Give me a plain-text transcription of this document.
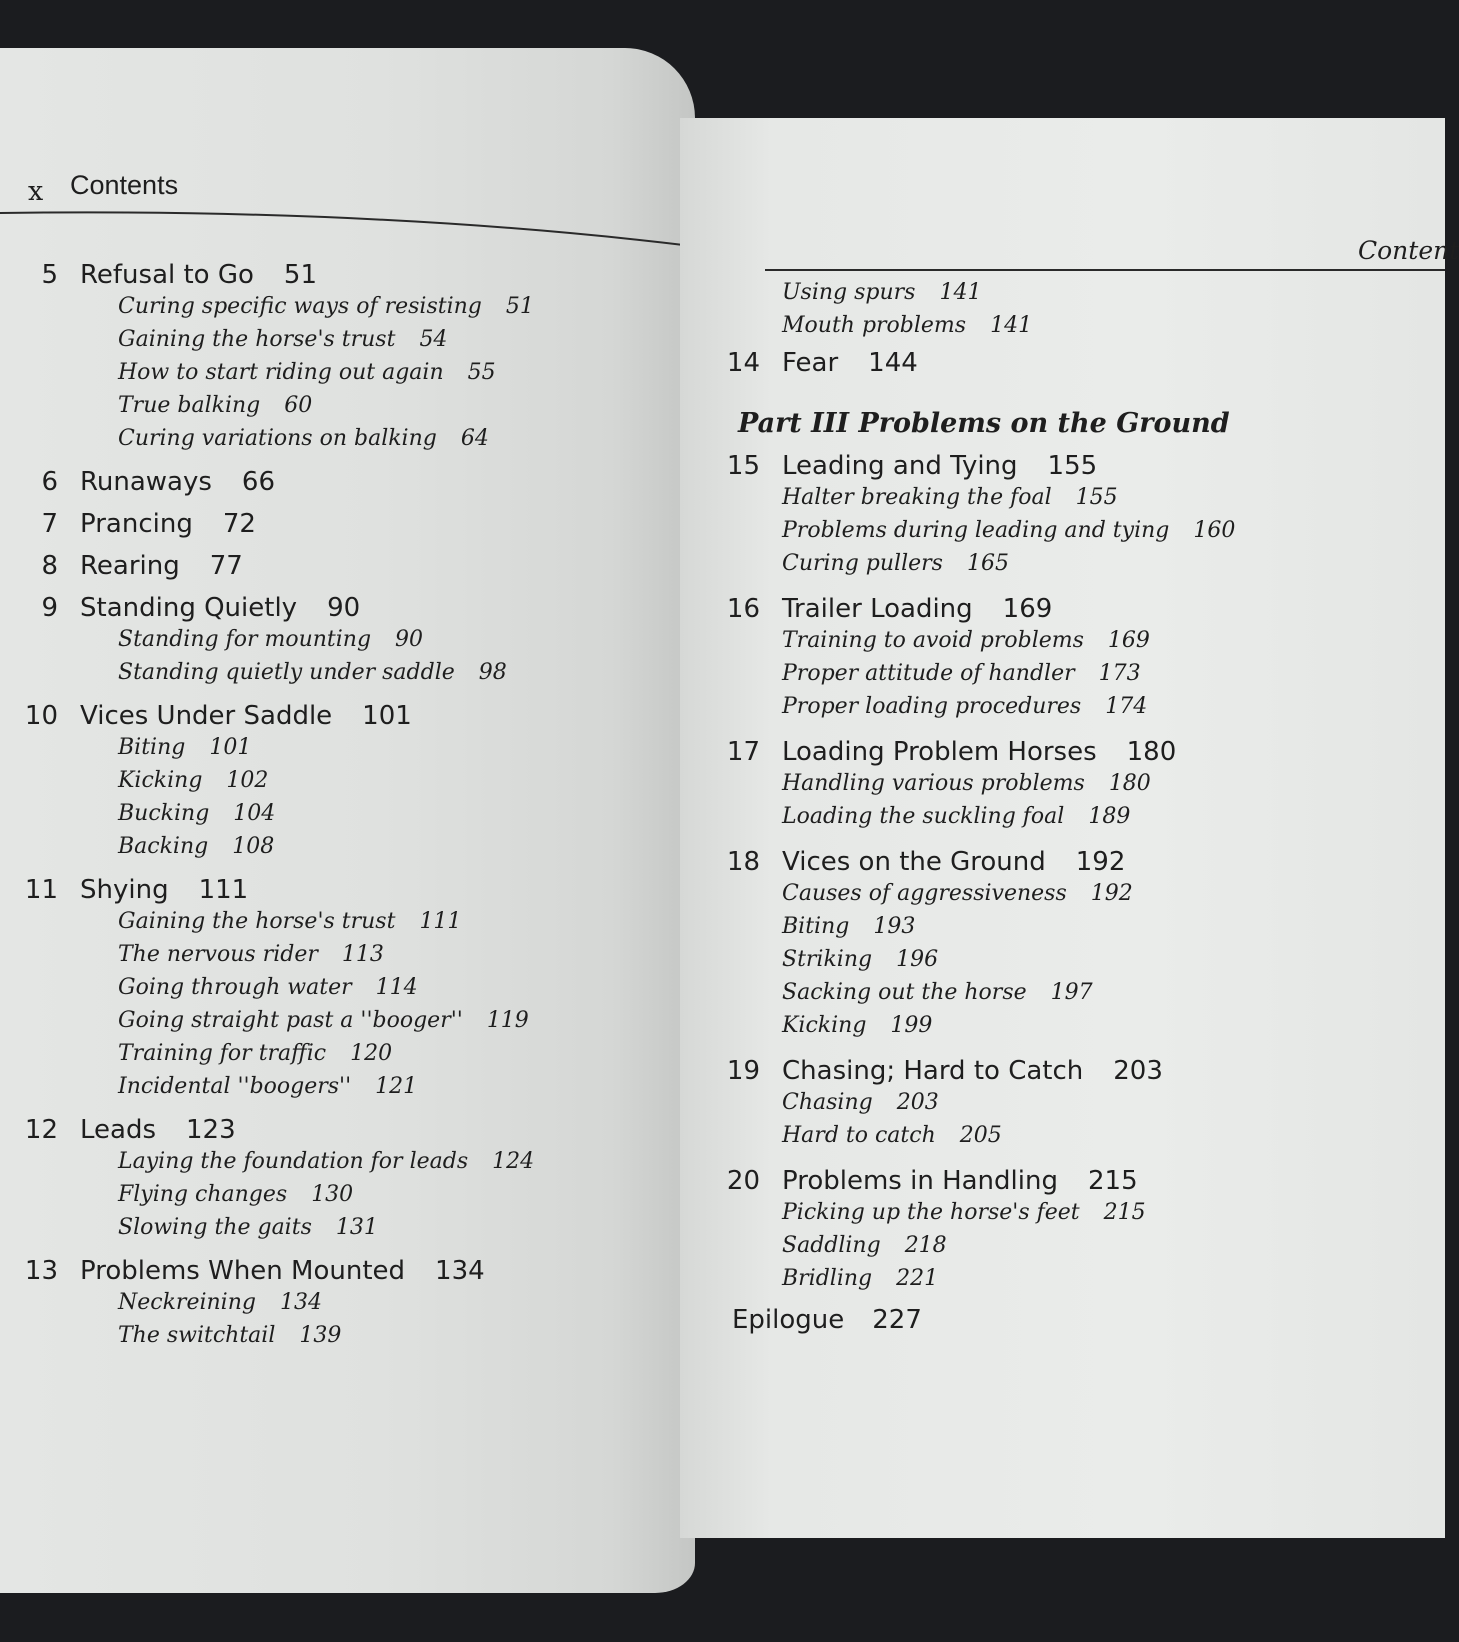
x Contents
5 Refusal to Go 51
Curing specific ways of resisting 51
Gaining the horse's trust 54
How to start riding out again 55
True balking 60
Curing variations on balking 64
6 Runaways 66
7 Prancing 72
8 Rearing 77
9 Standing Quietly 90
Standing for mounting 90
Standing quietly under saddle 98
10 Vices Under Saddle 101
Biting 101
Kicking 102
Bucking 104
Backing 108
11 Shying 111
Gaining the horse's trust 111
The nervous rider 113
Going through water 114
Going straight past a ''booger'' 119
Training for traffic 120
Incidental ''boogers'' 121
12 Leads 123
Laying the foundation for leads 124
Flying changes 130
Slowing the gaits 131
13 Problems When Mounted 134
Neckreining 134
The switchtail 139
Content
Using spurs 141
Mouth problems 141
14 Fear 144
Part III Problems on the Ground
15 Leading and Tying 155
Halter breaking the foal 155
Problems during leading and tying 160
Curing pullers 165
16 Trailer Loading 169
Training to avoid problems 169
Proper attitude of handler 173
Proper loading procedures 174
17 Loading Problem Horses 180
Handling various problems 180
Loading the suckling foal 189
18 Vices on the Ground 192
Causes of aggressiveness 192
Biting 193
Striking 196
Sacking out the horse 197
Kicking 199
19 Chasing; Hard to Catch 203
Chasing 203
Hard to catch 205
20 Problems in Handling 215
Picking up the horse's feet 215
Saddling 218
Bridling 221
Epilogue 227
